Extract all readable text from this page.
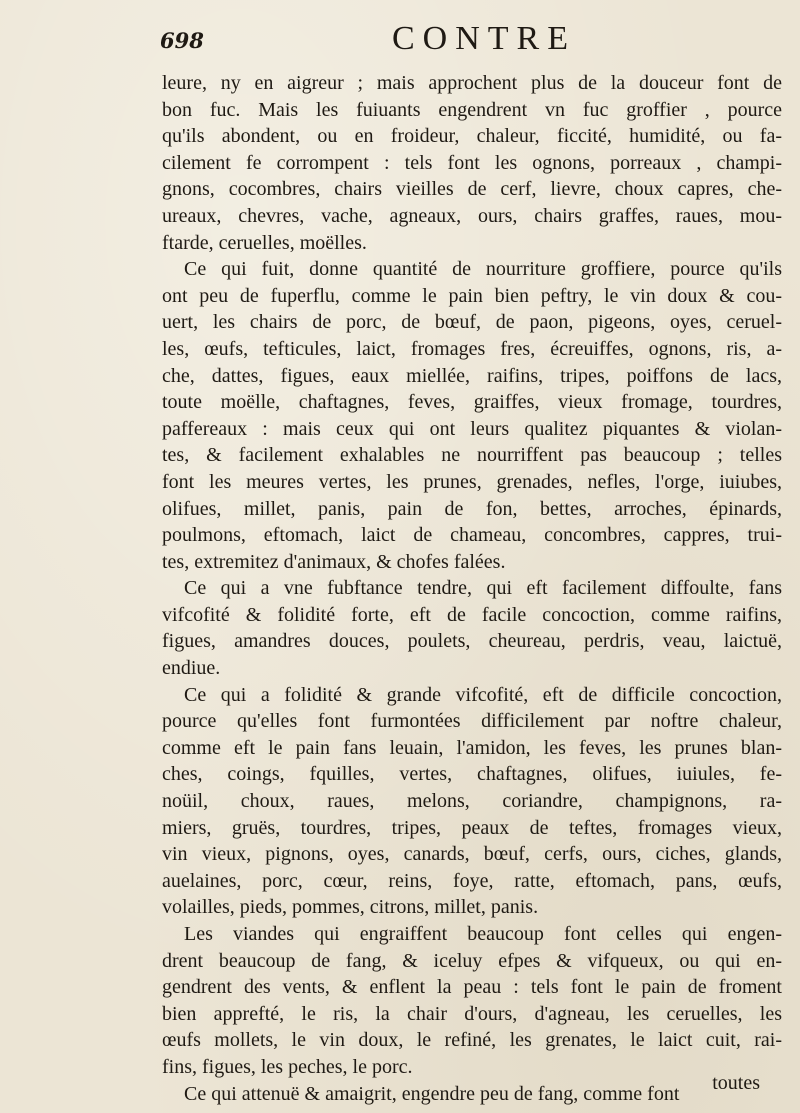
698	CONTRE
leure, ny en aigreur ; mais approchent plus de la douceur font de
bon fuc. Mais les fuiuants engendrent vn fuc groffier , pource
qu'ils abondent, ou en froideur, chaleur, ficcité, humidité, ou fa-
cilement fe corrompent : tels font les ognons, porreaux , champi-
gnons, cocombres, chairs vieilles de cerf, lievre, choux capres, che-
ureaux, chevres, vache, agneaux, ours, chairs graffes, raues, mou-
ftarde, ceruelles, moëlles.
Ce qui fuit, donne quantité de nourriture groffiere, pource qu'ils
ont peu de fuperflu, comme le pain bien peftry, le vin doux & cou-
uert, les chairs de porc, de bœuf, de paon, pigeons, oyes, ceruel-
les, œufs, tefticules, laict, fromages fres, écreuiffes, ognons, ris, a-
che, dattes, figues, eaux miellée, raifins, tripes, poiffons de lacs,
toute moëlle, chaftagnes, feves, graiffes, vieux fromage, tourdres,
paffereaux : mais ceux qui ont leurs qualitez piquantes & violan-
tes, & facilement exhalables ne nourriffent pas beaucoup ; telles
font les meures vertes, les prunes, grenades, nefles, l'orge, iuiubes,
olifues, millet, panis, pain de fon, bettes, arroches, épinards,
poulmons, eftomach, laict de chameau, concombres, cappres, trui-
tes, extremitez d'animaux, & chofes falées.
Ce qui a vne fubftance tendre, qui eft facilement diffoulte, fans
vifcofité & folidité forte, eft de facile concoction, comme raifins,
figues, amandres douces, poulets, cheureau, perdris, veau, laictuë,
endiue.
Ce qui a folidité & grande vifcofité, eft de difficile concoction,
pource qu'elles font furmontées difficilement par noftre chaleur,
comme eft le pain fans leuain, l'amidon, les feves, les prunes blan-
ches, coings, fquilles, vertes, chaftagnes, olifues, iuiules, fe-
noüil, choux, raues, melons, coriandre, champignons, ra-
miers, gruës, tourdres, tripes, peaux de teftes, fromages vieux,
vin vieux, pignons, oyes, canards, bœuf, cerfs, ours, ciches, glands,
auelaines, porc, cœur, reins, foye, ratte, eftomach, pans, œufs,
volailles, pieds, pommes, citrons, millet, panis.
Les viandes qui engraiffent beaucoup font celles qui engen-
drent beaucoup de fang, & iceluy efpes & vifqueux, ou qui en-
gendrent des vents, & enflent la peau : tels font le pain de froment
bien apprefté, le ris, la chair d'ours, d'agneau, les ceruelles, les
œufs mollets, le vin doux, le refiné, les grenates, le laict cuit, rai-
fins, figues, les peches, le porc.
Ce qui attenuë & amaigrit, engendre peu de fang, comme font	toutes
